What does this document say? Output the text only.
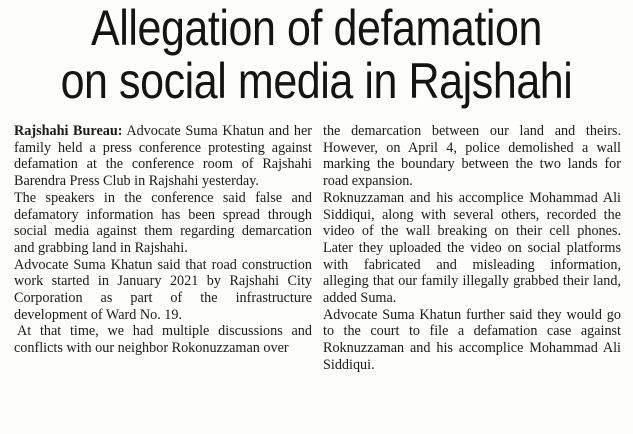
Allegation of defamation
on social media in Rajshahi

Rajshahi Bureau: Advocate Suma Khatun and her family held a press conference protesting against defamation at the conference room of Rajshahi Barendra Press Club in Rajshahi yesterday.

The speakers in the conference said false and defamatory information has been spread through social media against them regarding demarcation and grabbing land in Rajshahi.

Advocate Suma Khatun said that road construction work started in January 2021 by Rajshahi City Corporation as part of the infrastructure development of Ward No. 19.

At that time, we had multiple discussions and conflicts with our neighbor Rokonuzzaman over

the demarcation between our land and theirs. However, on April 4, police demolished a wall marking the boundary between the two lands for road expansion.

Roknuzzaman and his accomplice Mohammad Ali Siddiqui, along with several others, recorded the video of the wall breaking on their cell phones. Later they uploaded the video on social platforms with fabricated and misleading information, alleging that our family illegally grabbed their land, added Suma.

Advocate Suma Khatun further said they would go to the court to file a defamation case against Roknuzzaman and his accomplice Mohammad Ali Siddiqui.
